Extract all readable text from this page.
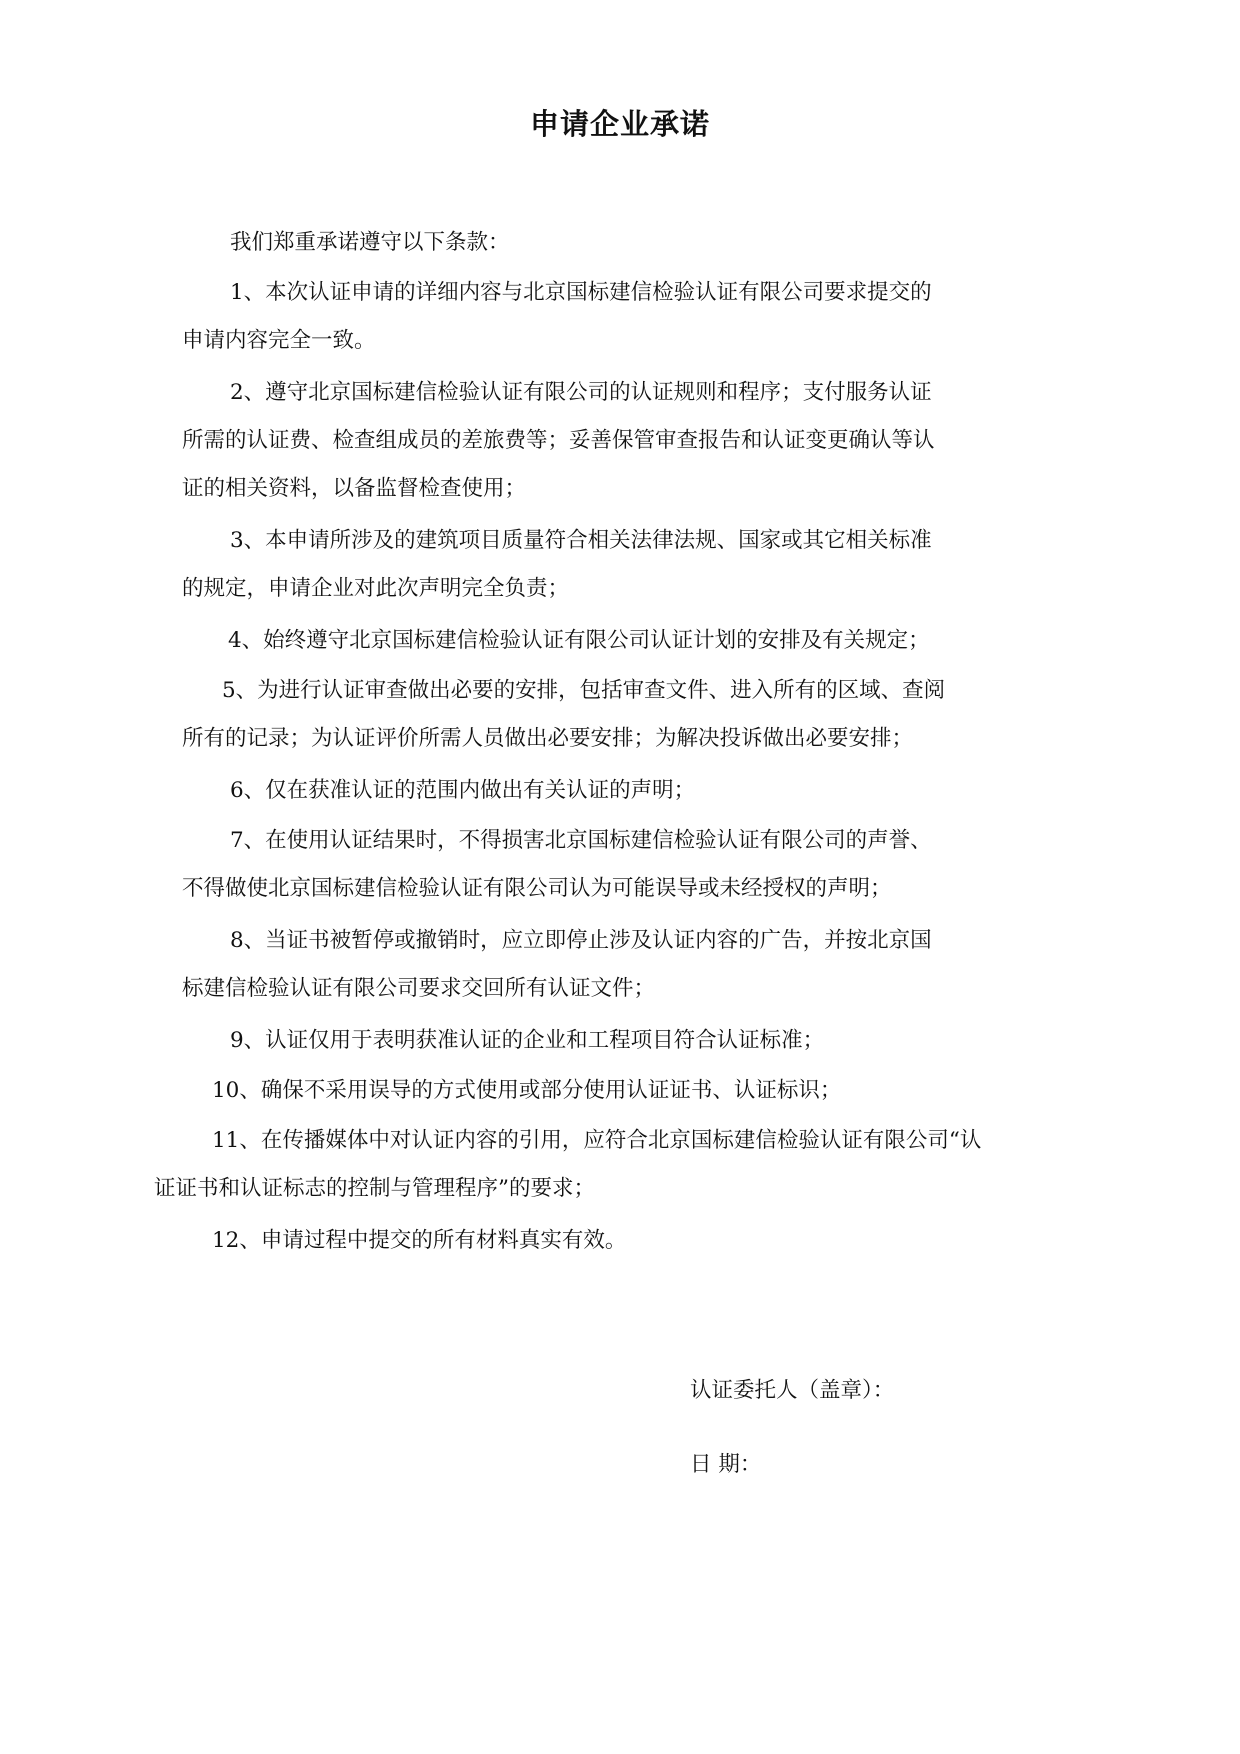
申请企业承诺
我们郑重承诺遵守以下条款：
1、本次认证申请的详细内容与北京国标建信检验认证有限公司要求提交的
申请内容完全一致。
2、遵守北京国标建信检验认证有限公司的认证规则和程序；支付服务认证
所需的认证费、检查组成员的差旅费等；妥善保管审查报告和认证变更确认等认
证的相关资料，以备监督检查使用；
3、本申请所涉及的建筑项目质量符合相关法律法规、国家或其它相关标准
的规定，申请企业对此次声明完全负责；
4、始终遵守北京国标建信检验认证有限公司认证计划的安排及有关规定；
5、为进行认证审查做出必要的安排，包括审查文件、进入所有的区域、查阅
所有的记录；为认证评价所需人员做出必要安排；为解决投诉做出必要安排；
6、仅在获准认证的范围内做出有关认证的声明；
7、在使用认证结果时，不得损害北京国标建信检验认证有限公司的声誉、
不得做使北京国标建信检验认证有限公司认为可能误导或未经授权的声明；
8、当证书被暂停或撤销时，应立即停止涉及认证内容的广告，并按北京国
标建信检验认证有限公司要求交回所有认证文件；
9、认证仅用于表明获准认证的企业和工程项目符合认证标准；
10、确保不采用误导的方式使用或部分使用认证证书、认证标识；
11、在传播媒体中对认证内容的引用，应符合北京国标建信检验认证有限公司“认
证证书和认证标志的控制与管理程序”的要求；
12、申请过程中提交的所有材料真实有效。
认证委托人（盖章）：
日 期：
